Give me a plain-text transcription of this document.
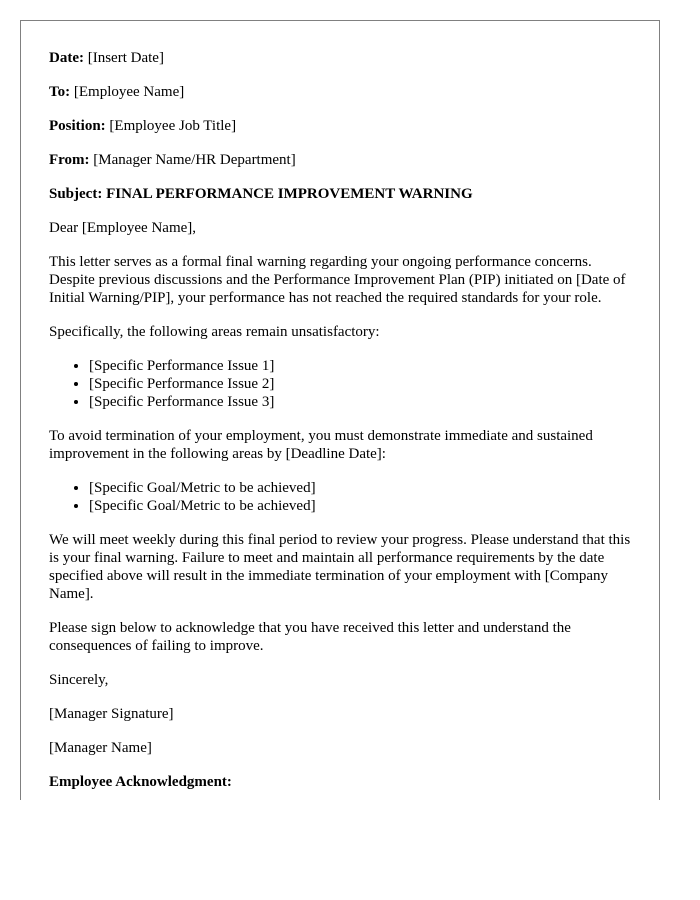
Date: [Insert Date]

To: [Employee Name]

Position: [Employee Job Title]

From: [Manager Name/HR Department]

Subject: FINAL PERFORMANCE IMPROVEMENT WARNING

Dear [Employee Name],

This letter serves as a formal final warning regarding your ongoing performance concerns. Despite previous discussions and the Performance Improvement Plan (PIP) initiated on [Date of Initial Warning/PIP], your performance has not reached the required standards for your role.

Specifically, the following areas remain unsatisfactory:

• [Specific Performance Issue 1]
• [Specific Performance Issue 2]
• [Specific Performance Issue 3]

To avoid termination of your employment, you must demonstrate immediate and sustained improvement in the following areas by [Deadline Date]:

• [Specific Goal/Metric to be achieved]
• [Specific Goal/Metric to be achieved]

We will meet weekly during this final period to review your progress. Please understand that this is your final warning. Failure to meet and maintain all performance requirements by the date specified above will result in the immediate termination of your employment with [Company Name].

Please sign below to acknowledge that you have received this letter and understand the consequences of failing to improve.

Sincerely,

[Manager Signature]

[Manager Name]

Employee Acknowledgment:
